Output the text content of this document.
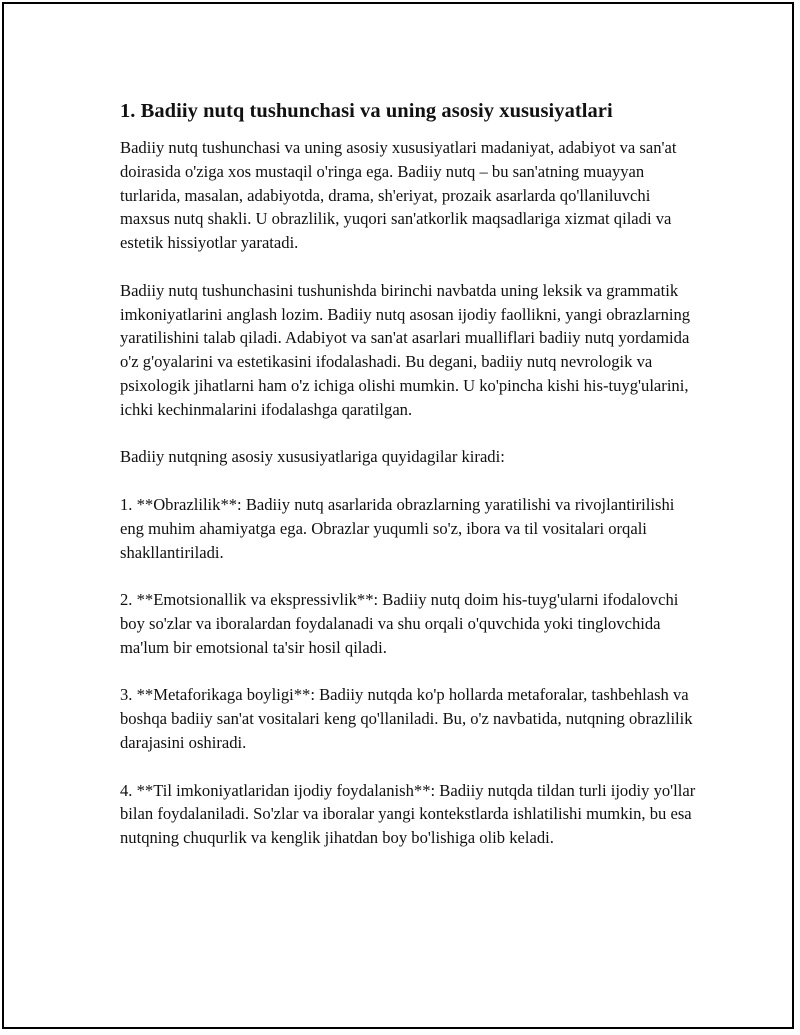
1. Badiiy nutq tushunchasi va uning asosiy xususiyatlari

Badiiy nutq tushunchasi va uning asosiy xususiyatlari madaniyat, adabiyot va san'at doirasida o'ziga xos mustaqil o'ringa ega. Badiiy nutq – bu san'atning muayyan turlarida, masalan, adabiyotda, drama, sh'eriyat, prozaik asarlarda qo'llaniluvchi maxsus nutq shakli. U obrazlilik, yuqori san'atkorlik maqsadlariga xizmat qiladi va estetik hissiyotlar yaratadi.

Badiiy nutq tushunchasini tushunishda birinchi navbatda uning leksik va grammatik imkoniyatlarini anglash lozim. Badiiy nutq asosan ijodiy faollikni, yangi obrazlarning yaratilishini talab qiladi. Adabiyot va san'at asarlari mualliflari badiiy nutq yordamida o'z g'oyalarini va estetikasini ifodalashadi. Bu degani, badiiy nutq nevrologik va psixologik jihatlarni ham o'z ichiga olishi mumkin. U ko'pincha kishi his-tuyg'ularini, ichki kechinmalarini ifodalashga qaratilgan.

Badiiy nutqning asosiy xususiyatlariga quyidagilar kiradi:

1. **Obrazlilik**: Badiiy nutq asarlarida obrazlarning yaratilishi va rivojlantirilishi eng muhim ahamiyatga ega. Obrazlar yuqumli so'z, ibora va til vositalari orqali shakllantiriladi.

2. **Emotsionallik va ekspressivlik**: Badiiy nutq doim his-tuyg'ularni ifodalovchi boy so'zlar va iboralardan foydalanadi va shu orqali o'quvchida yoki tinglovchida ma'lum bir emotsional ta'sir hosil qiladi.

3. **Metaforikaga boyligi**: Badiiy nutqda ko'p hollarda metaforalar, tashbehlash va boshqa badiiy san'at vositalari keng qo'llaniladi. Bu, o'z navbatida, nutqning obrazlilik darajasini oshiradi.

4. **Til imkoniyatlaridan ijodiy foydalanish**: Badiiy nutqda tildan turli ijodiy yo'llar bilan foydalaniladi. So'zlar va iboralar yangi kontekstlarda ishlatilishi mumkin, bu esa nutqning chuqurlik va kenglik jihatdan boy bo'lishiga olib keladi.
